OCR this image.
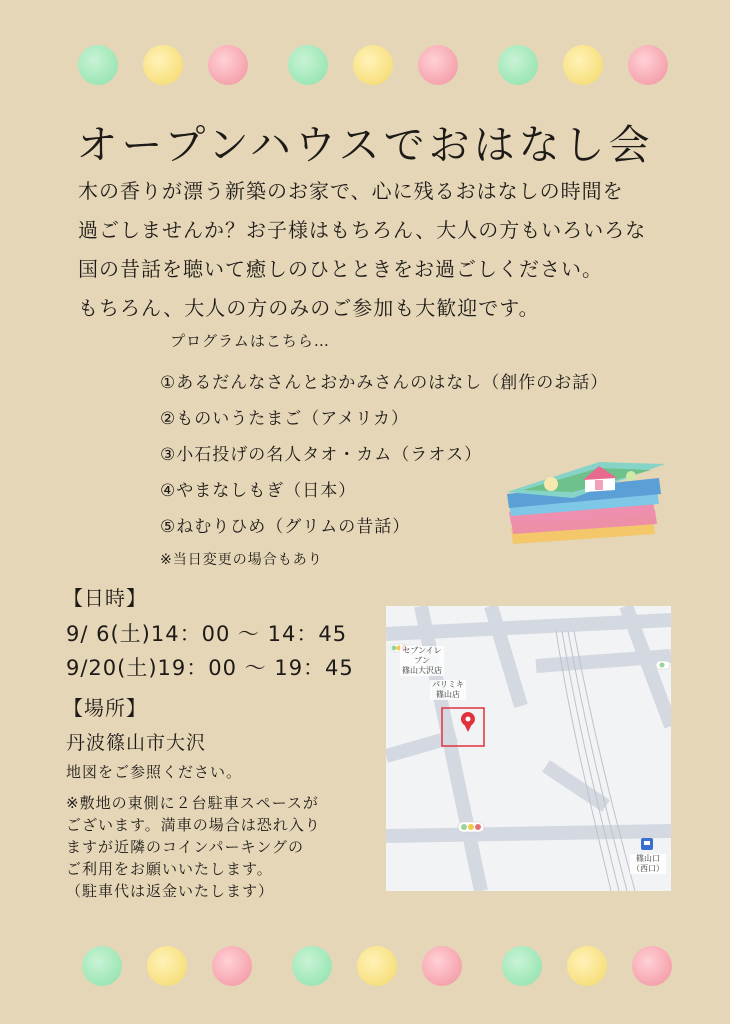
オープンハウスでおはなし会
木の香りが漂う新築のお家で、心に残るおはなしの時間を
過ごしませんか？お子様はもちろん、大人の方もいろいろな
国の昔話を聴いて癒しのひとときをお過ごしください。
もちろん、大人の方のみのご参加も大歓迎です。
プログラムはこちら…
①あるだんなさんとおかみさんのはなし（創作のお話）
②ものいうたまご（アメリカ）
③小石投げの名人タオ・カム（ラオス）
④やまなしもぎ（日本）
⑤ねむりひめ（グリムの昔話）
※当日変更の場合もあり
【日時】
9/ 6(土)14：00 〜 14：45
9/20(土)19：00 〜 19：45
【場所】
丹波篠山市大沢
地図をご参照ください。
※敷地の東側に２台駐車スペースが
ございます。満車の場合は恐れ入り
ますが近隣のコインパーキングの
ご利用をお願いいたします。
（駐車代は返金いたします）
セブンイレブン
篠山大沢店
パリミキ
篠山店
篠山口
（西口）
